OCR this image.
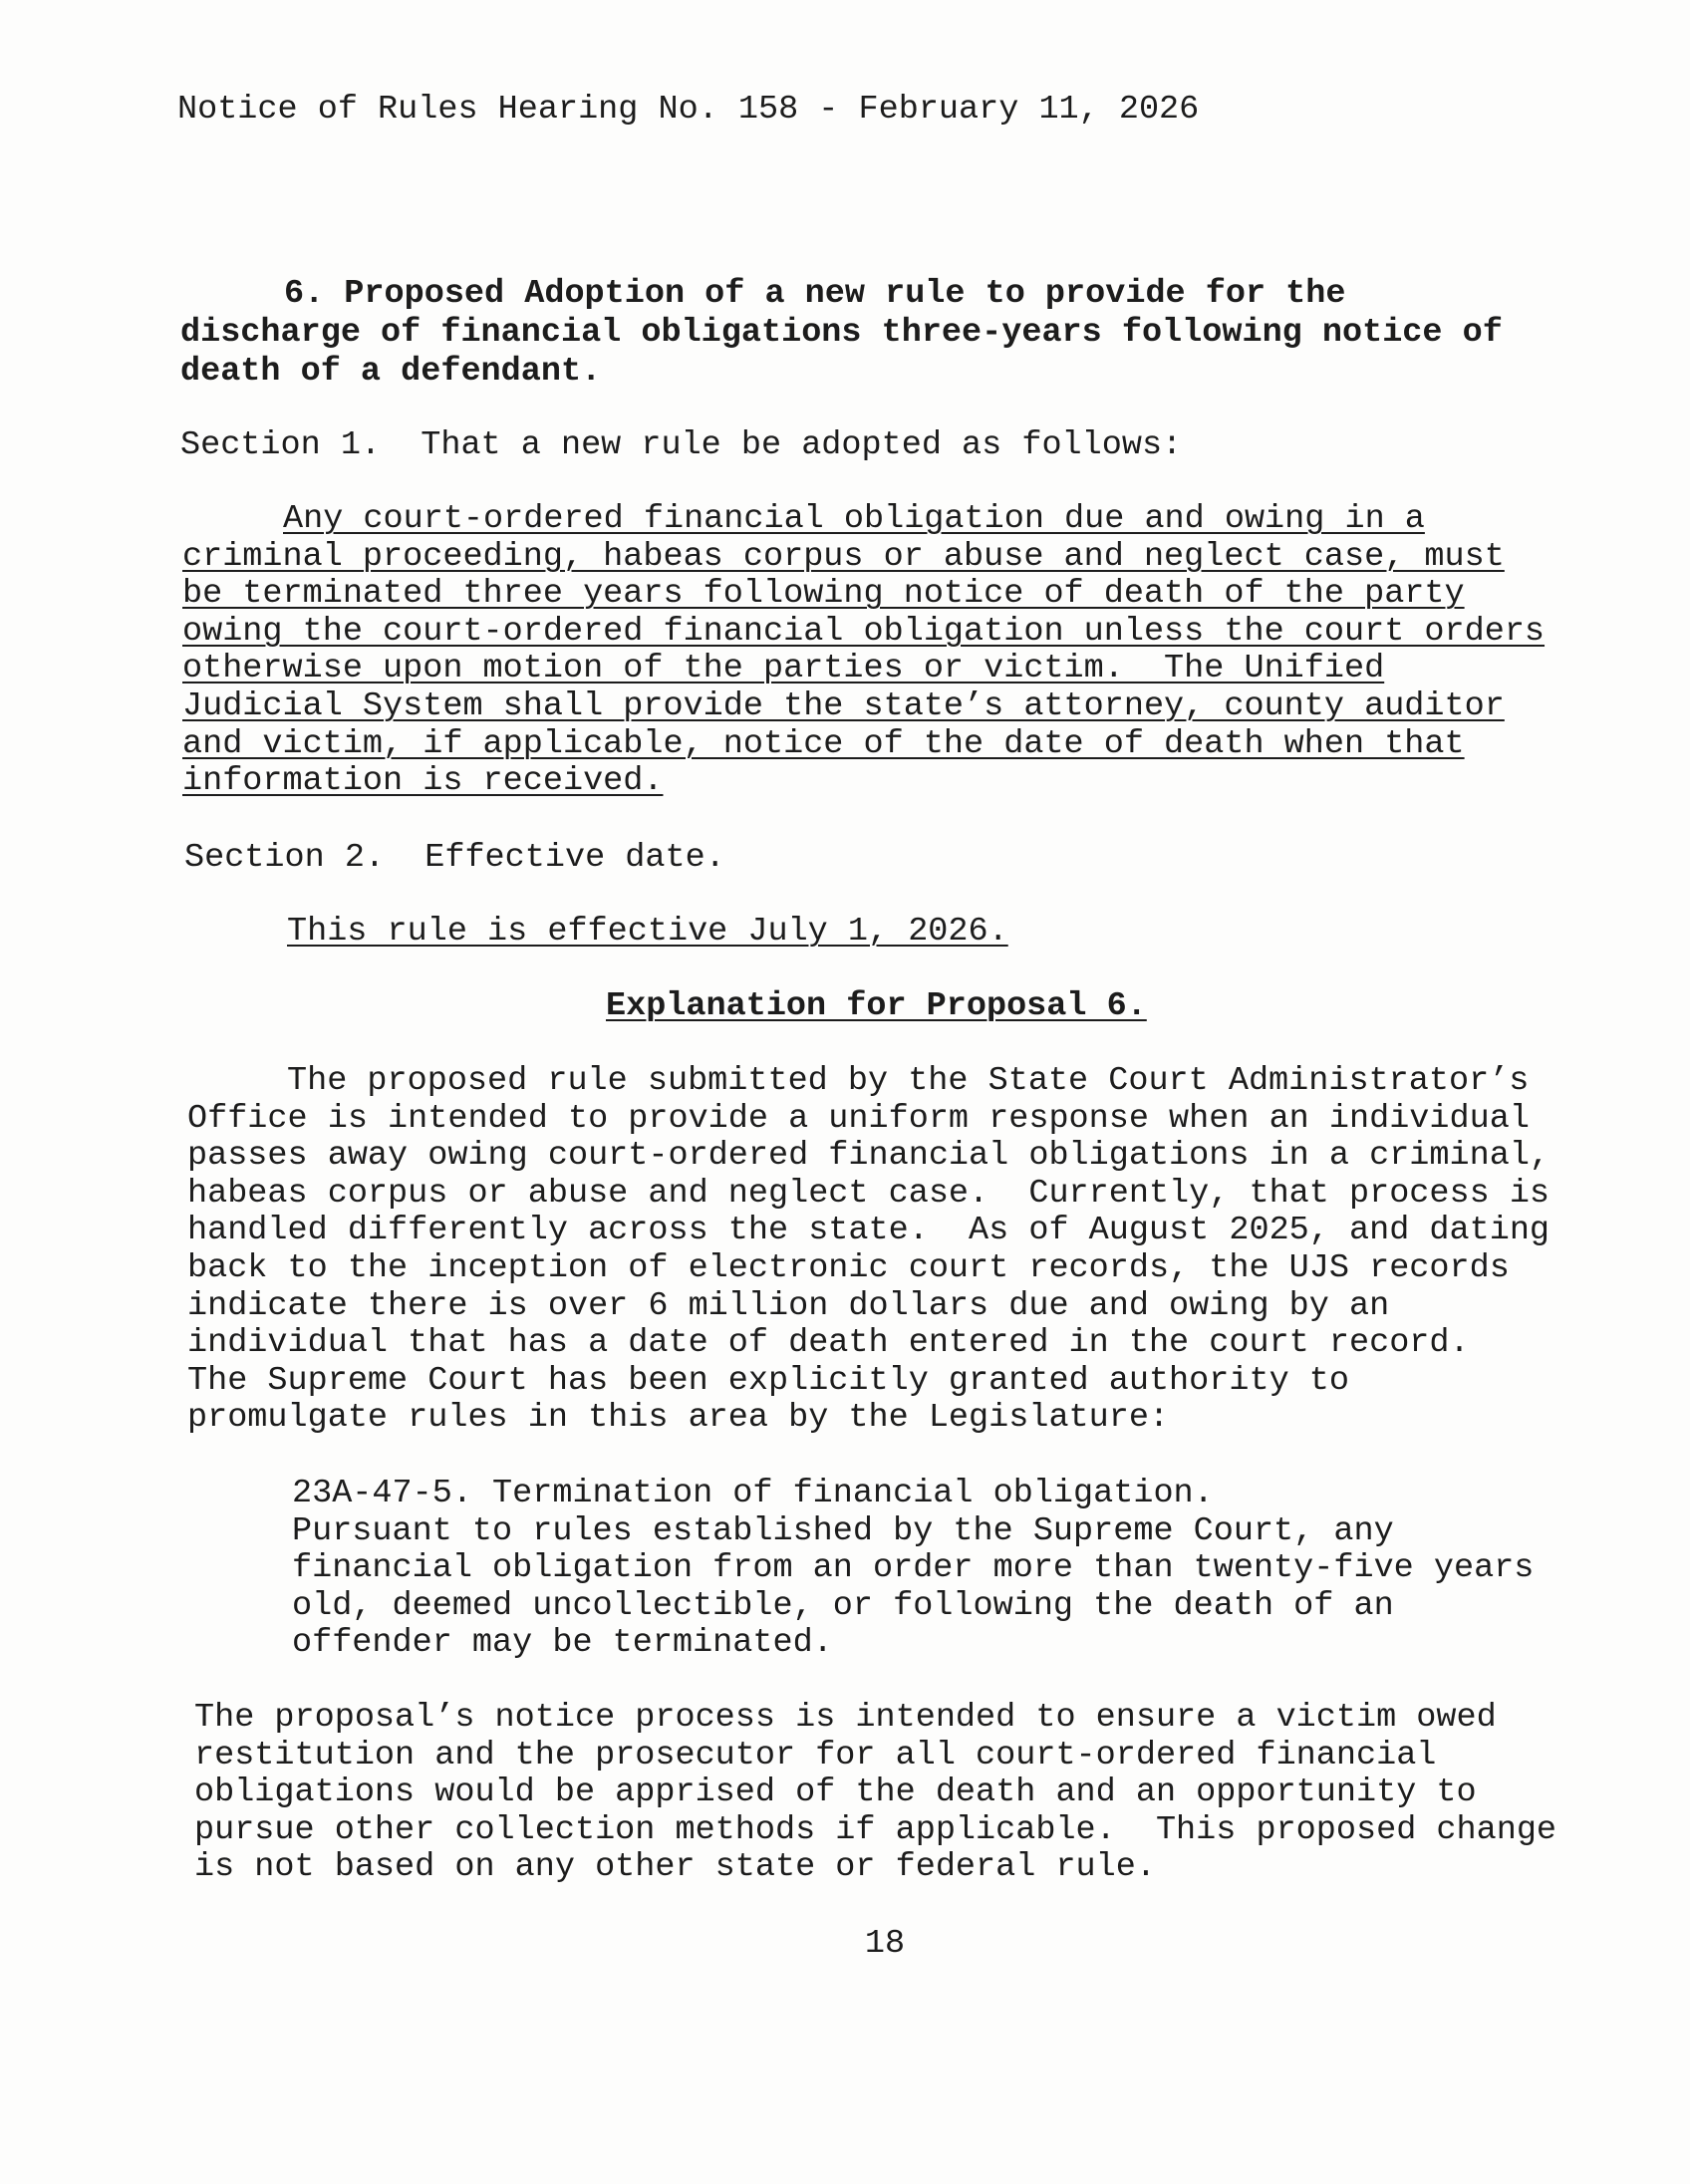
Notice of Rules Hearing No. 158 - February 11, 2026
6. Proposed Adoption of a new rule to provide for the
discharge of financial obligations three-years following notice of
death of a defendant.
Section 1.  That a new rule be adopted as follows:
Any court-ordered financial obligation due and owing in a
criminal proceeding, habeas corpus or abuse and neglect case, must
be terminated three years following notice of death of the party
owing the court-ordered financial obligation unless the court orders
otherwise upon motion of the parties or victim.  The Unified
Judicial System shall provide the state’s attorney, county auditor
and victim, if applicable, notice of the date of death when that
information is received.
Section 2.  Effective date.
This rule is effective July 1, 2026.
Explanation for Proposal 6.
The proposed rule submitted by the State Court Administrator’s
Office is intended to provide a uniform response when an individual
passes away owing court-ordered financial obligations in a criminal,
habeas corpus or abuse and neglect case.  Currently, that process is
handled differently across the state.  As of August 2025, and dating
back to the inception of electronic court records, the UJS records
indicate there is over 6 million dollars due and owing by an
individual that has a date of death entered in the court record.
The Supreme Court has been explicitly granted authority to
promulgate rules in this area by the Legislature:
23A-47-5. Termination of financial obligation.
Pursuant to rules established by the Supreme Court, any
financial obligation from an order more than twenty-five years
old, deemed uncollectible, or following the death of an
offender may be terminated.
The proposal’s notice process is intended to ensure a victim owed
restitution and the prosecutor for all court-ordered financial
obligations would be apprised of the death and an opportunity to
pursue other collection methods if applicable.  This proposed change
is not based on any other state or federal rule.
18
